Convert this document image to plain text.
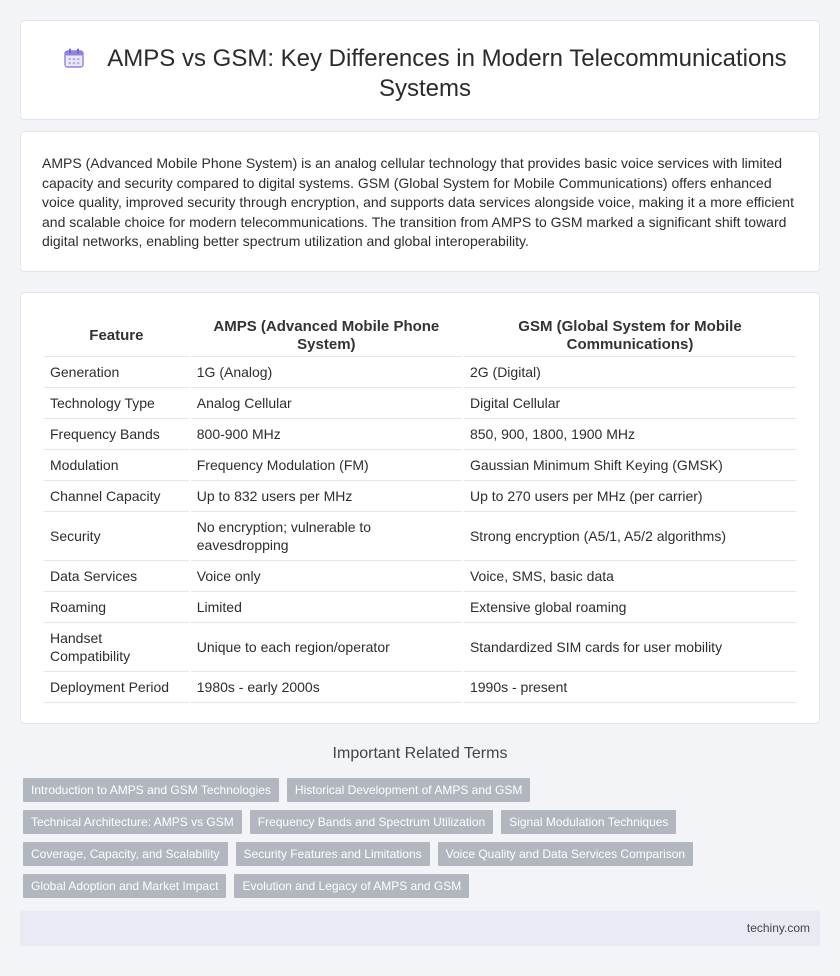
AMPS vs GSM: Key Differences in Modern Telecommunications Systems

AMPS (Advanced Mobile Phone System) is an analog cellular technology that provides basic voice services with limited capacity and security compared to digital systems. GSM (Global System for Mobile Communications) offers enhanced voice quality, improved security through encryption, and supports data services alongside voice, making it a more efficient and scalable choice for modern telecommunications. The transition from AMPS to GSM marked a significant shift toward digital networks, enabling better spectrum utilization and global interoperability.

Feature	AMPS (Advanced Mobile Phone System)	GSM (Global System for Mobile Communications)
Generation	1G (Analog)	2G (Digital)
Technology Type	Analog Cellular	Digital Cellular
Frequency Bands	800-900 MHz	850, 900, 1800, 1900 MHz
Modulation	Frequency Modulation (FM)	Gaussian Minimum Shift Keying (GMSK)
Channel Capacity	Up to 832 users per MHz	Up to 270 users per MHz (per carrier)
Security	No encryption; vulnerable to eavesdropping	Strong encryption (A5/1, A5/2 algorithms)
Data Services	Voice only	Voice, SMS, basic data
Roaming	Limited	Extensive global roaming
Handset Compatibility	Unique to each region/operator	Standardized SIM cards for user mobility
Deployment Period	1980s - early 2000s	1990s - present
Important Related Terms
Introduction to AMPS and GSM Technologies	Historical Development of AMPS and GSM
Technical Architecture: AMPS vs GSM	Frequency Bands and Spectrum Utilization	Signal Modulation Techniques
Coverage, Capacity, and Scalability	Security Features and Limitations	Voice Quality and Data Services Comparison
Global Adoption and Market Impact	Evolution and Legacy of AMPS and GSM
techiny.com
